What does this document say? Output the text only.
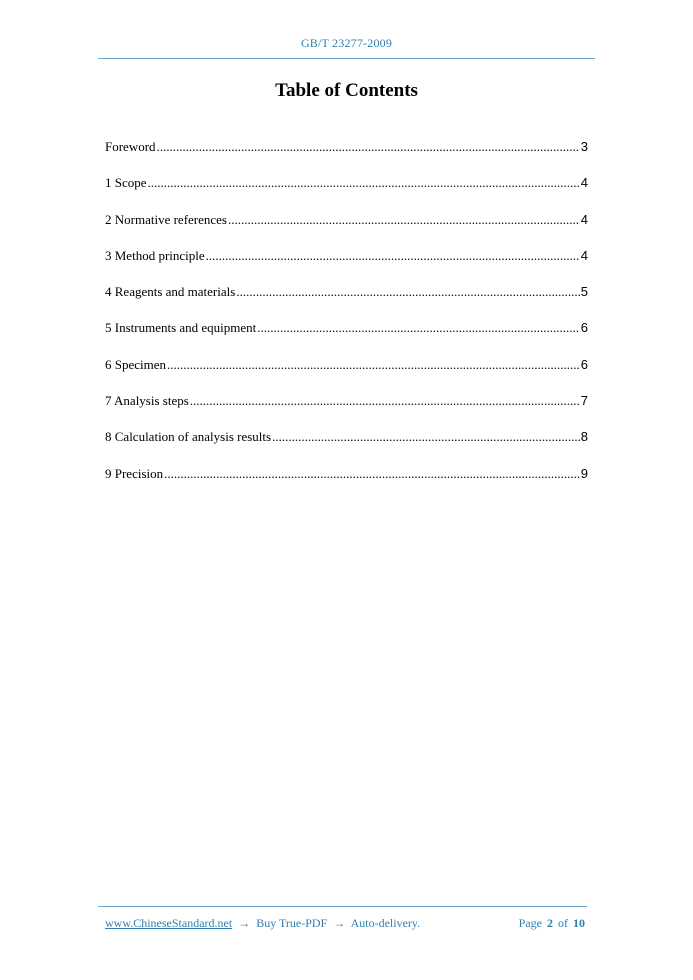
GB/T 23277-2009
Table of Contents
Foreword .....	3
1 Scope .....	4
2 Normative references .....	4
3 Method principle .....	4
4 Reagents and materials .....	5
5 Instruments and equipment .....	6
6 Specimen .....	6
7 Analysis steps .....	7
8 Calculation of analysis results .....	8
9 Precision .....	9
www.ChineseStandard.net → Buy True-PDF → Auto-delivery.	Page 2 of 10
